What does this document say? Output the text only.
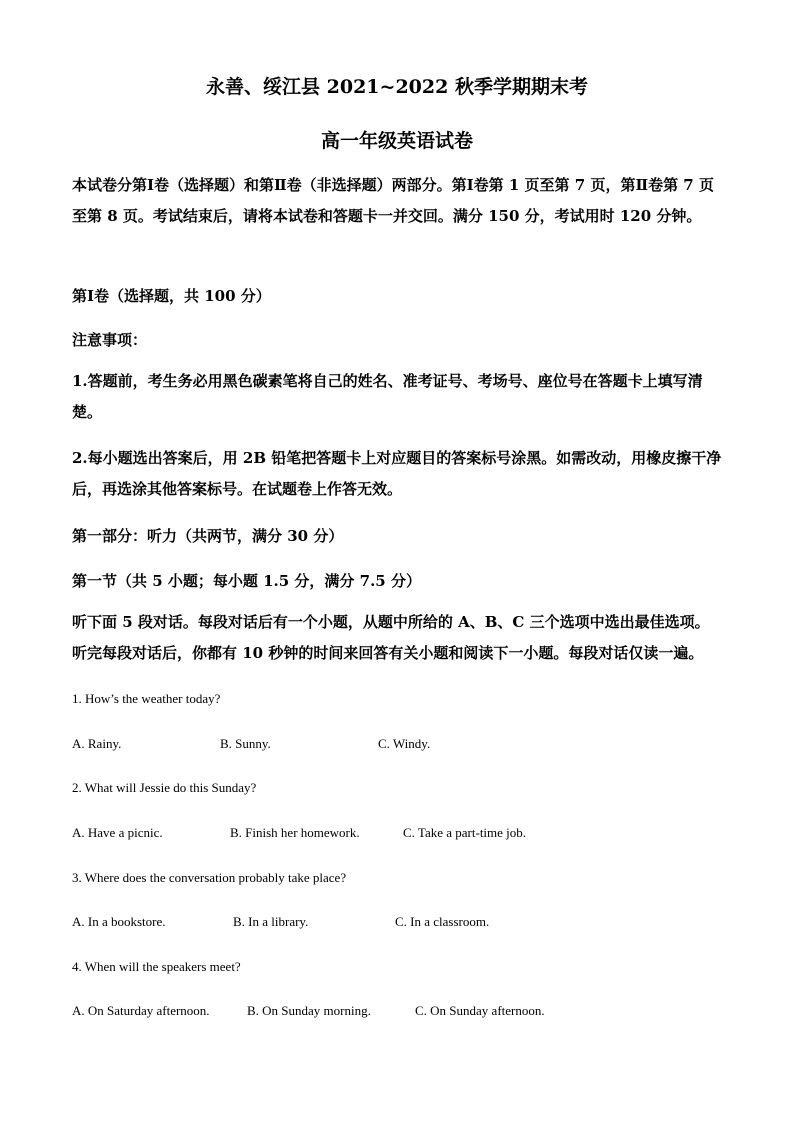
永善、绥江县 2021~2022 秋季学期期末考
高一年级英语试卷
本试卷分第Ⅰ卷（选择题）和第Ⅱ卷（非选择题）两部分。第Ⅰ卷第 1 页至第 7 页，第Ⅱ卷第 7 页至第 8 页。考试结束后，请将本试卷和答题卡一并交回。满分 150 分，考试用时 120 分钟。
第Ⅰ卷（选择题，共 100 分）
注意事项：
1.答题前，考生务必用黑色碳素笔将自己的姓名、准考证号、考场号、座位号在答题卡上填写清楚。
2.每小题选出答案后，用 2B 铅笔把答题卡上对应题目的答案标号涂黑。如需改动，用橡皮擦干净后，再选涂其他答案标号。在试题卷上作答无效。
第一部分：听力（共两节，满分 30 分）
第一节（共 5 小题；每小题 1.5 分，满分 7.5 分）
听下面 5 段对话。每段对话后有一个小题，从题中所给的 A、B、C 三个选项中选出最佳选项。听完每段对话后，你都有 10 秒钟的时间来回答有关小题和阅读下一小题。每段对话仅读一遍。
1. How’s the weather today?
A. Rainy.	B. Sunny.	C. Windy.
2. What will Jessie do this Sunday?
A. Have a picnic.	B. Finish her homework.	C. Take a part-time job.
3. Where does the conversation probably take place?
A. In a bookstore.	B. In a library.	C. In a classroom.
4. When will the speakers meet?
A. On Saturday afternoon.	B. On Sunday morning.	C. On Sunday afternoon.
